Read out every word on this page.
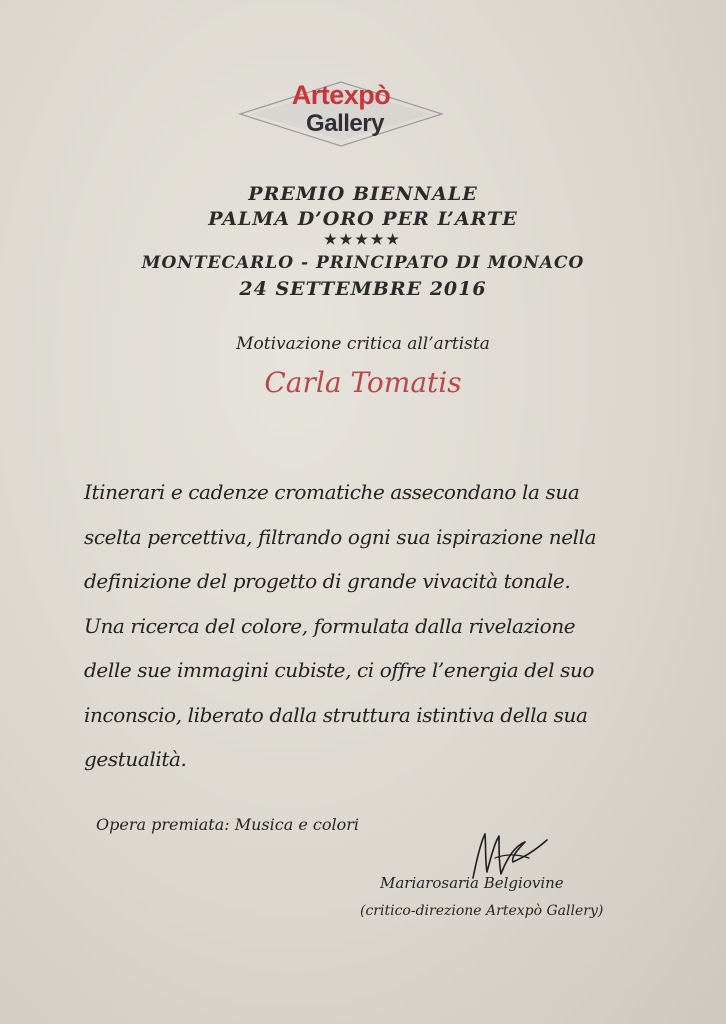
Artexpò
Gallery
PREMIO BIENNALE
PALMA D’ORO PER L’ARTE
★★★★★
MONTECARLO - PRINCIPATO DI MONACO
24 SETTEMBRE 2016
Motivazione critica all’artista
Carla Tomatis
Itinerari e cadenze cromatiche assecondano la sua
scelta percettiva, filtrando ogni sua ispirazione nella
definizione del progetto di grande vivacità tonale.
Una ricerca del colore, formulata dalla rivelazione
delle sue immagini cubiste, ci offre l’energia del suo
inconscio, liberato dalla struttura istintiva della sua
gestualità.
Opera premiata: Musica e colori
Mariarosaria Belgiovine
(critico-direzione Artexpò Gallery)
